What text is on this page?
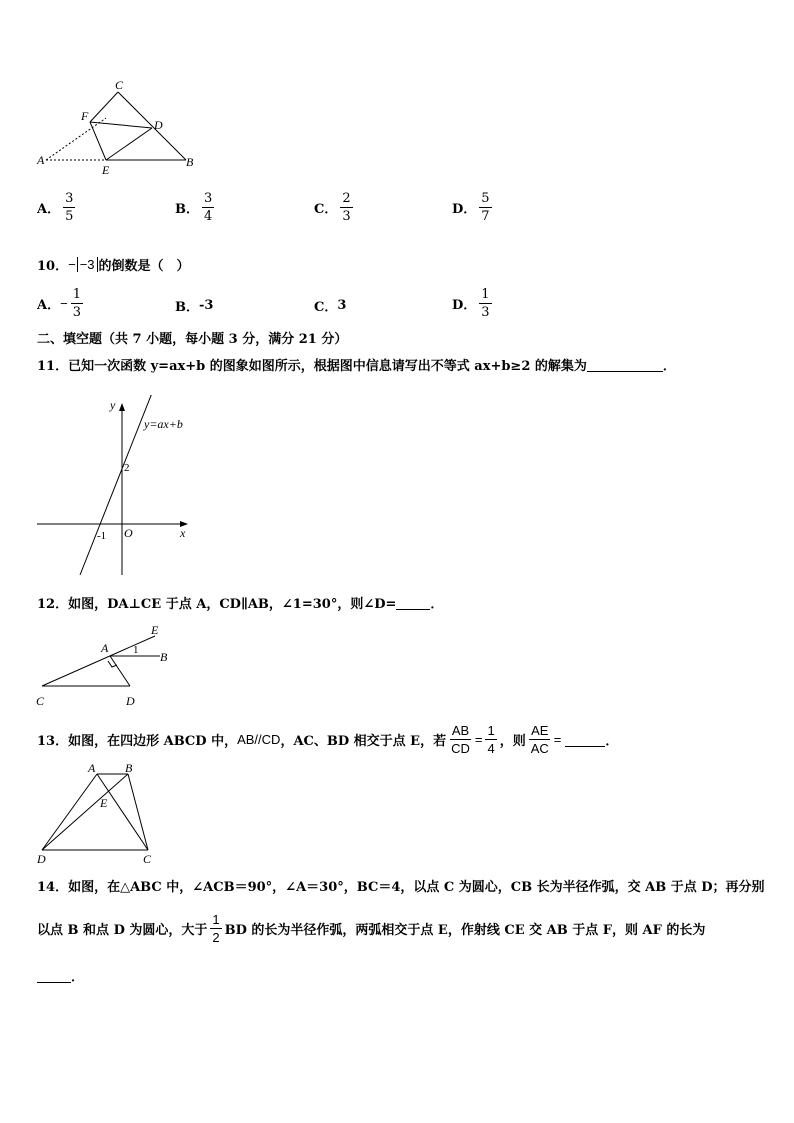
C
F
D
A
E
B
A． $\frac{3}{5}$	B． $\frac{3}{4}$	C． $\frac{2}{3}$	D． $\frac{5}{7}$
10． − −3 的倒数是（　）
A． − $\frac{1}{3}$	B． -3	C． 3	D． $\frac{1}{3}$
二、填空题（共 7 小题，每小题 3 分，满分 21 分）
11．已知一次函数 y=ax+b 的图象如图所示，根据图中信息请写出不等式 ax+b≥2 的解集为	．
y
x
y=ax+b
2
-1 O
12．如图，DA⊥CE 于点 A，CD∥AB，∠1=30°，则∠D=	．
E
A 1 B
C	D
13．如图，在四边形 ABCD 中， AB//CD ，AC、BD 相交于点 E，若 $\frac{AB}{CD} = \frac{1}{4}$ ，则 $\frac{AE}{AC}$ =	．
A B
E
D	C
14．如图，在△ABC 中，∠ACB＝90°，∠A＝30°，BC＝4，以点 C 为圆心，CB 长为半径作弧，交 AB 于点 D；再分别
以点 B 和点 D 为圆心，大于 $\frac{1}{2}$ BD 的长为半径作弧，两弧相交于点 E，作射线 CE 交 AB 于点 F，则 AF 的长为
．
